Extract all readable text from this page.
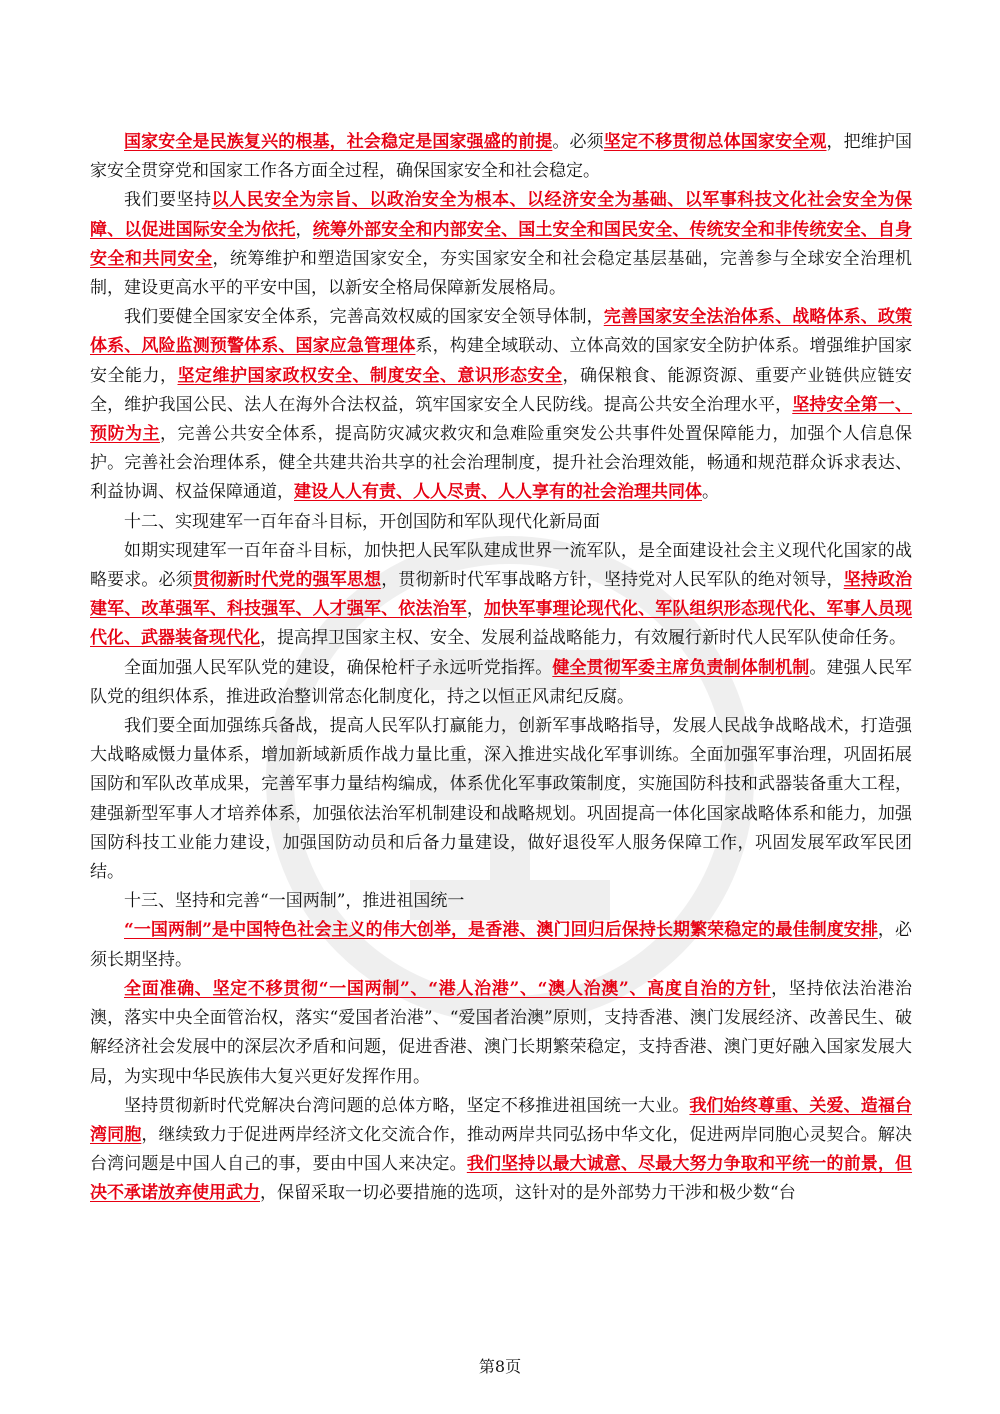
国家安全是民族复兴的根基，社会稳定是国家强盛的前提。必须坚定不移贯彻总体国家安全观，把维护国家安全贯穿党和国家工作各方面全过程，确保国家安全和社会稳定。

我们要坚持以人民安全为宗旨、以政治安全为根本、以经济安全为基础、以军事科技文化社会安全为保障、以促进国际安全为依托，统筹外部安全和内部安全、国土安全和国民安全、传统安全和非传统安全、自身安全和共同安全，统筹维护和塑造国家安全，夯实国家安全和社会稳定基层基础，完善参与全球安全治理机制，建设更高水平的平安中国，以新安全格局保障新发展格局。

我们要健全国家安全体系，完善高效权威的国家安全领导体制，完善国家安全法治体系、战略体系、政策体系、风险监测预警体系、国家应急管理体系，构建全域联动、立体高效的国家安全防护体系。增强维护国家安全能力，坚定维护国家政权安全、制度安全、意识形态安全，确保粮食、能源资源、重要产业链供应链安全，维护我国公民、法人在海外合法权益，筑牢国家安全人民防线。提高公共安全治理水平，坚持安全第一、预防为主，完善公共安全体系，提高防灾减灾救灾和急难险重突发公共事件处置保障能力，加强个人信息保护。完善社会治理体系，健全共建共治共享的社会治理制度，提升社会治理效能，畅通和规范群众诉求表达、利益协调、权益保障通道，建设人人有责、人人尽责、人人享有的社会治理共同体。

十二、实现建军一百年奋斗目标，开创国防和军队现代化新局面

如期实现建军一百年奋斗目标，加快把人民军队建成世界一流军队，是全面建设社会主义现代化国家的战略要求。必须贯彻新时代党的强军思想，贯彻新时代军事战略方针，坚持党对人民军队的绝对领导，坚持政治建军、改革强军、科技强军、人才强军、依法治军，加快军事理论现代化、军队组织形态现代化、军事人员现代化、武器装备现代化，提高捍卫国家主权、安全、发展利益战略能力，有效履行新时代人民军队使命任务。

全面加强人民军队党的建设，确保枪杆子永远听党指挥。健全贯彻军委主席负责制体制机制。建强人民军队党的组织体系，推进政治整训常态化制度化，持之以恒正风肃纪反腐。

我们要全面加强练兵备战，提高人民军队打赢能力，创新军事战略指导，发展人民战争战略战术，打造强大战略威慑力量体系，增加新域新质作战力量比重，深入推进实战化军事训练。全面加强军事治理，巩固拓展国防和军队改革成果，完善军事力量结构编成，体系优化军事政策制度，实施国防科技和武器装备重大工程，建强新型军事人才培养体系，加强依法治军机制建设和战略规划。巩固提高一体化国家战略体系和能力，加强国防科技工业能力建设，加强国防动员和后备力量建设，做好退役军人服务保障工作，巩固发展军政军民团结。

十三、坚持和完善“一国两制”，推进祖国统一

“一国两制”是中国特色社会主义的伟大创举，是香港、澳门回归后保持长期繁荣稳定的最佳制度安排，必须长期坚持。

全面准确、坚定不移贯彻“一国两制”、“港人治港”、“澳人治澳”、高度自治的方针，坚持依法治港治澳，落实中央全面管治权，落实“爱国者治港”、“爱国者治澳”原则，支持香港、澳门发展经济、改善民生、破解经济社会发展中的深层次矛盾和问题，促进香港、澳门长期繁荣稳定，支持香港、澳门更好融入国家发展大局，为实现中华民族伟大复兴更好发挥作用。

坚持贯彻新时代党解决台湾问题的总体方略，坚定不移推进祖国统一大业。我们始终尊重、关爱、造福台湾同胞，继续致力于促进两岸经济文化交流合作，推动两岸共同弘扬中华文化，促进两岸同胞心灵契合。解决台湾问题是中国人自己的事，要由中国人来决定。我们坚持以最大诚意、尽最大努力争取和平统一的前景，但决不承诺放弃使用武力，保留采取一切必要措施的选项，这针对的是外部势力干涉和极少数“台

第8页
